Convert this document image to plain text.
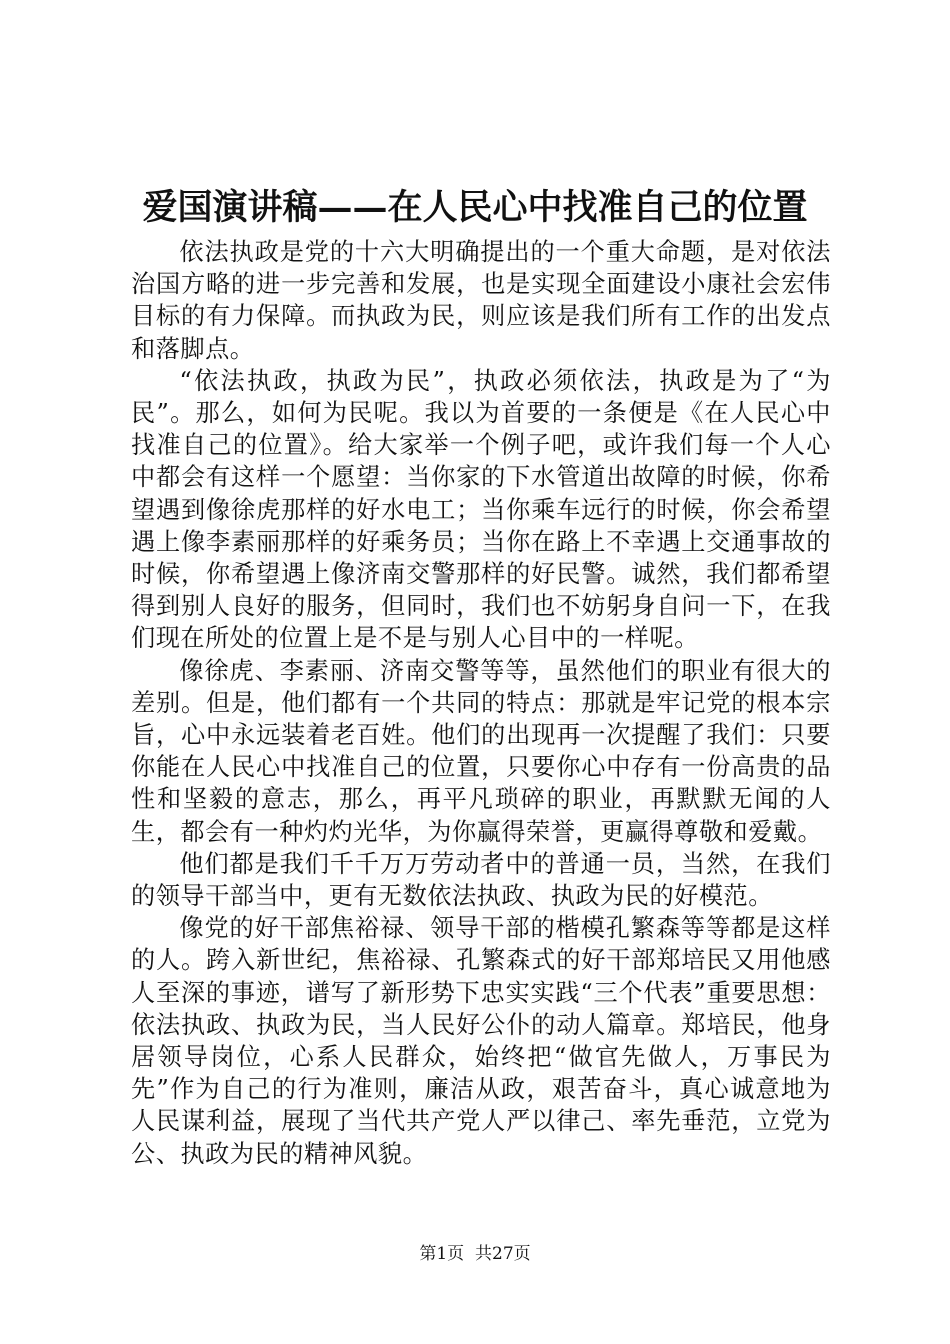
爱国演讲稿——在人民心中找准自己的位置

依法执政是党的十六大明确提出的一个重大命题，是对依法治国方略的进一步完善和发展，也是实现全面建设小康社会宏伟目标的有力保障。而执政为民，则应该是我们所有工作的出发点和落脚点。

“依法执政，执政为民”，执政必须依法，执政是为了“为民”。那么，如何为民呢。我以为首要的一条便是《在人民心中找准自己的位置》。给大家举一个例子吧，或许我们每一个人心中都会有这样一个愿望：当你家的下水管道出故障的时候，你希望遇到像徐虎那样的好水电工；当你乘车远行的时候，你会希望遇上像李素丽那样的好乘务员；当你在路上不幸遇上交通事故的时候，你希望遇上像济南交警那样的好民警。诚然，我们都希望得到别人良好的服务，但同时，我们也不妨躬身自问一下，在我们现在所处的位置上是不是与别人心目中的一样呢。

像徐虎、李素丽、济南交警等等，虽然他们的职业有很大的差别。但是，他们都有一个共同的特点：那就是牢记党的根本宗旨，心中永远装着老百姓。他们的出现再一次提醒了我们：只要你能在人民心中找准自己的位置，只要你心中存有一份高贵的品性和坚毅的意志，那么，再平凡琐碎的职业，再默默无闻的人生，都会有一种灼灼光华，为你赢得荣誉，更赢得尊敬和爱戴。

他们都是我们千千万万劳动者中的普通一员，当然，在我们的领导干部当中，更有无数依法执政、执政为民的好模范。

像党的好干部焦裕禄、领导干部的楷模孔繁森等等都是这样的人。跨入新世纪，焦裕禄、孔繁森式的好干部郑培民又用他感人至深的事迹，谱写了新形势下忠实实践“三个代表”重要思想：依法执政、执政为民，当人民好公仆的动人篇章。郑培民，他身居领导岗位，心系人民群众，始终把“做官先做人，万事民为先”作为自己的行为准则，廉洁从政，艰苦奋斗，真心诚意地为人民谋利益，展现了当代共产党人严以律己、率先垂范，立党为公、执政为民的精神风貌。

第1页 共27页
